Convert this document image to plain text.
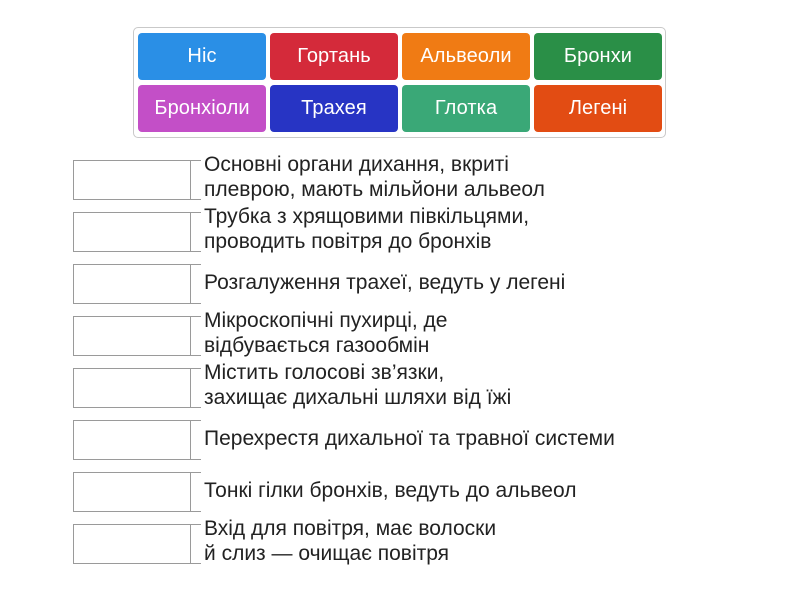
Ніс	Гортань	Альвеоли	Бронхи
Бронхіоли	Трахея	Глотка	Легені
Основні органи дихання, вкриті
плеврою, мають мільйони альвеол
Трубка з хрящовими півкільцями,
проводить повітря до бронхів
Розгалуження трахеї, ведуть у легені
Мікроскопічні пухирці, де
відбувається газообмін
Містить голосові зв’язки,
захищає дихальні шляхи від їжі
Перехрестя дихальної та травної системи
Тонкі гілки бронхів, ведуть до альвеол
Вхід для повітря, має волоски
й слиз — очищає повітря
